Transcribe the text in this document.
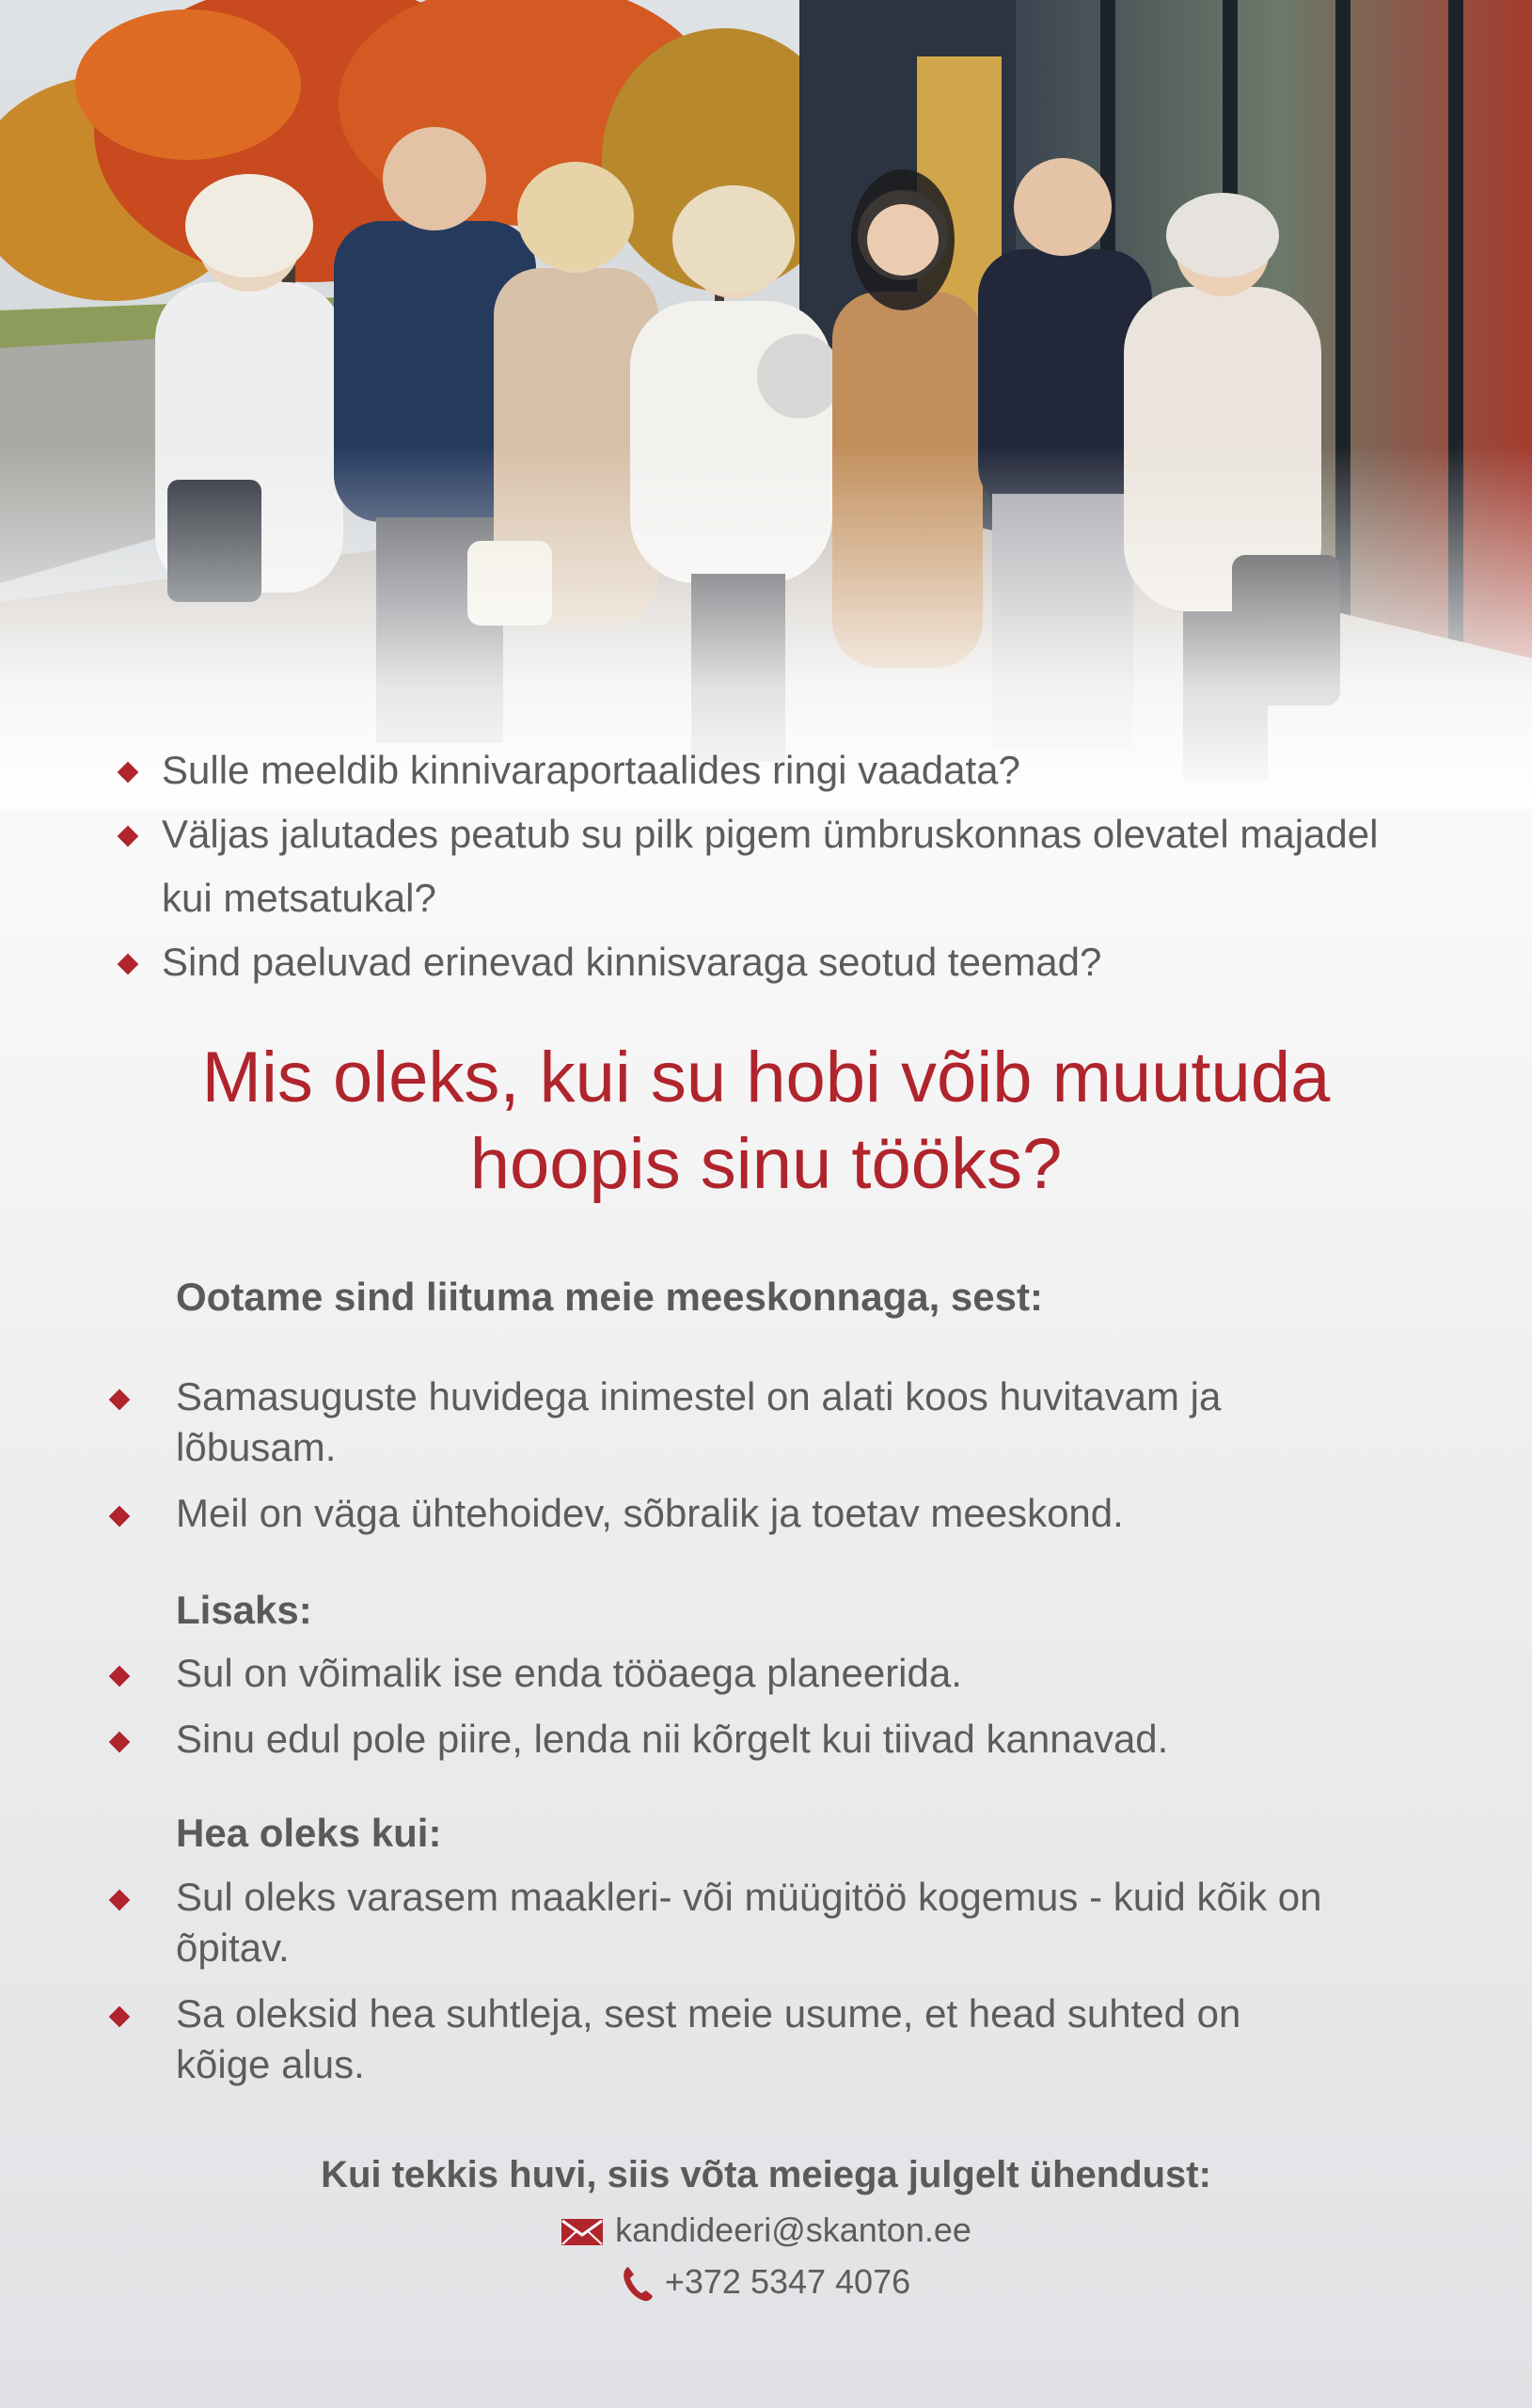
Sulle meeldib kinnivaraportaalides ringi vaadata?
Väljas jalutades peatub su pilk pigem ümbruskonnas olevatel majadel kui metsatukal?
Sind paeluvad erinevad kinnisvaraga seotud teemad?
Mis oleks, kui su hobi võib muutuda
hoopis sinu tööks?
Ootame sind liituma meie meeskonnaga, sest:
Samasuguste huvidega inimestel on alati koos huvitavam ja lõbusam.
Meil on väga ühtehoidev, sõbralik ja toetav meeskond.
Lisaks:
Sul on võimalik ise enda tööaega planeerida.
Sinu edul pole piire, lenda nii kõrgelt kui tiivad kannavad.
Hea oleks kui:
Sul oleks varasem maakleri- või müügitöö kogemus - kuid kõik on õpitav.
Sa oleksid hea suhtleja, sest meie usume, et head suhted on kõige alus.
Kui tekkis huvi, siis võta meiega julgelt ühendust:
kandideeri@skanton.ee
+372 5347 4076
